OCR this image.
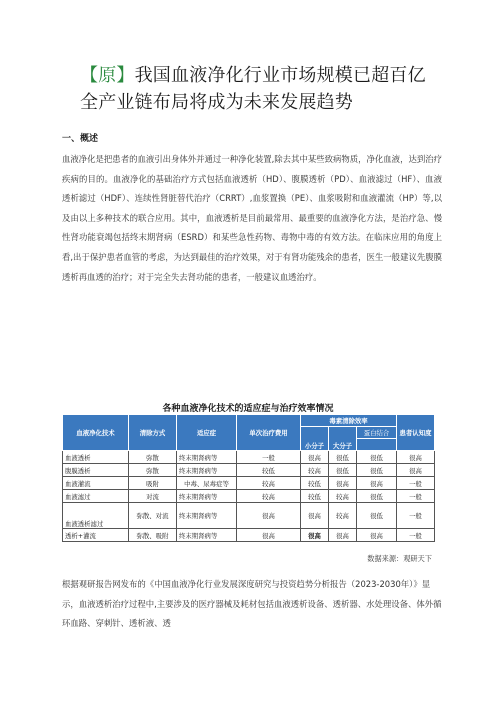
【原】我国血液净化行业市场规模已超百亿全产业链布局将成为未来发展趋势
一、概述
血液净化是把患者的血液引出身体外并通过一种净化装置,除去其中某些致病物质，净化血液，达到治疗疾病的目的。血液净化的基础治疗方式包括血液透析（HD）、腹膜透析（PD）、血液滤过（HF）、血液透析滤过（HDF）、连续性肾脏替代治疗（CRRT）,血浆置换（PE）、血浆吸附和血液灌流（HP）等,以及由以上多种技术的联合应用。其中，血液透析是目前最常用、最重要的血液净化方法，是治疗急、慢性肾功能衰竭包括终末期肾病（ESRD）和某些急性药物、毒物中毒的有效方法。在临床应用的角度上看,出于保护患者血管的考虑，为达到最佳的治疗效果，对于有肾功能残余的患者，医生一般建议先腹膜透析再血透的治疗；对于完全失去肾功能的患者，一般建议血透治疗。
各种血液净化技术的适应症与治疗效率情况
血液净化技术	清除方式	适应症	单次治疗费用	毒素清除效率			患者认知度
				小分子	大分子	蛋白结合	

血液透析	弥散	终末期肾病等	一般	很高	很低	很低	很高
腹膜透析	弥散	终末期肾病等	较低	较高	很低	很低	很高
血液灌流	吸附	中毒、尿毒症等	较高	较低	很高	很高	一般
血液滤过	对流	终末期肾病等	较高	较低	较高	很低	一般
血液透析滤过	弥散、对流	终末期肾病等	很高	很高	较高	很低	一般
透析+灌流	弥散、吸附	终末期肾病等	很高	很高	很高	很高	一般
数据来源：观研天下
根据观研报告网发布的《中国血液净化行业发展深度研究与投资趋势分析报告（2023-2030年）》显示，血液透析治疗过程中,主要涉及的医疗器械及耗材包括血液透析设备、透析器、水处理设备、体外循环血路、穿刺针、透析液、透
